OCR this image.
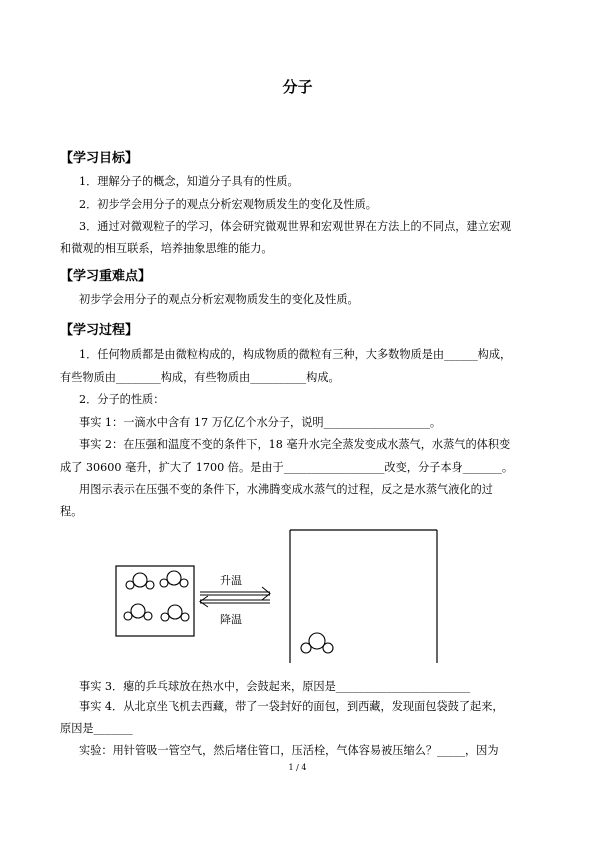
分子
【学习目标】
1．理解分子的概念，知道分子具有的性质。
2．初步学会用分子的观点分析宏观物质发生的变化及性质。
3．通过对微观粒子的学习，体会研究微观世界和宏观世界在方法上的不同点，建立宏观
和微观的相互联系，培养抽象思维的能力。
【学习重难点】
初步学会用分子的观点分析宏观物质发生的变化及性质。
【学习过程】
1．任何物质都是由微粒构成的，构成物质的微粒有三种，大多数物质是由______构成，
有些物质由________构成，有些物质由__________构成。
2．分子的性质：
事实 1：一滴水中含有 17 万亿亿个水分子，说明___________________。
事实 2：在压强和温度不变的条件下，18 毫升水完全蒸发变成水蒸气，水蒸气的体积变
成了 30600 毫升，扩大了 1700 倍。是由于__________________改变，分子本身_______。
用图示表示在压强不变的条件下，水沸腾变成水蒸气的过程，反之是水蒸气液化的过
程。
升温
降温
事实 3．瘪的乒乓球放在热水中，会鼓起来，原因是________________________
事实 4．从北京坐飞机去西藏，带了一袋封好的面包，到西藏，发现面包袋鼓了起来，
原因是_______
实验：用针管吸一管空气，然后堵住管口，压活栓，气体容易被压缩么？_____，因为
1 / 4
